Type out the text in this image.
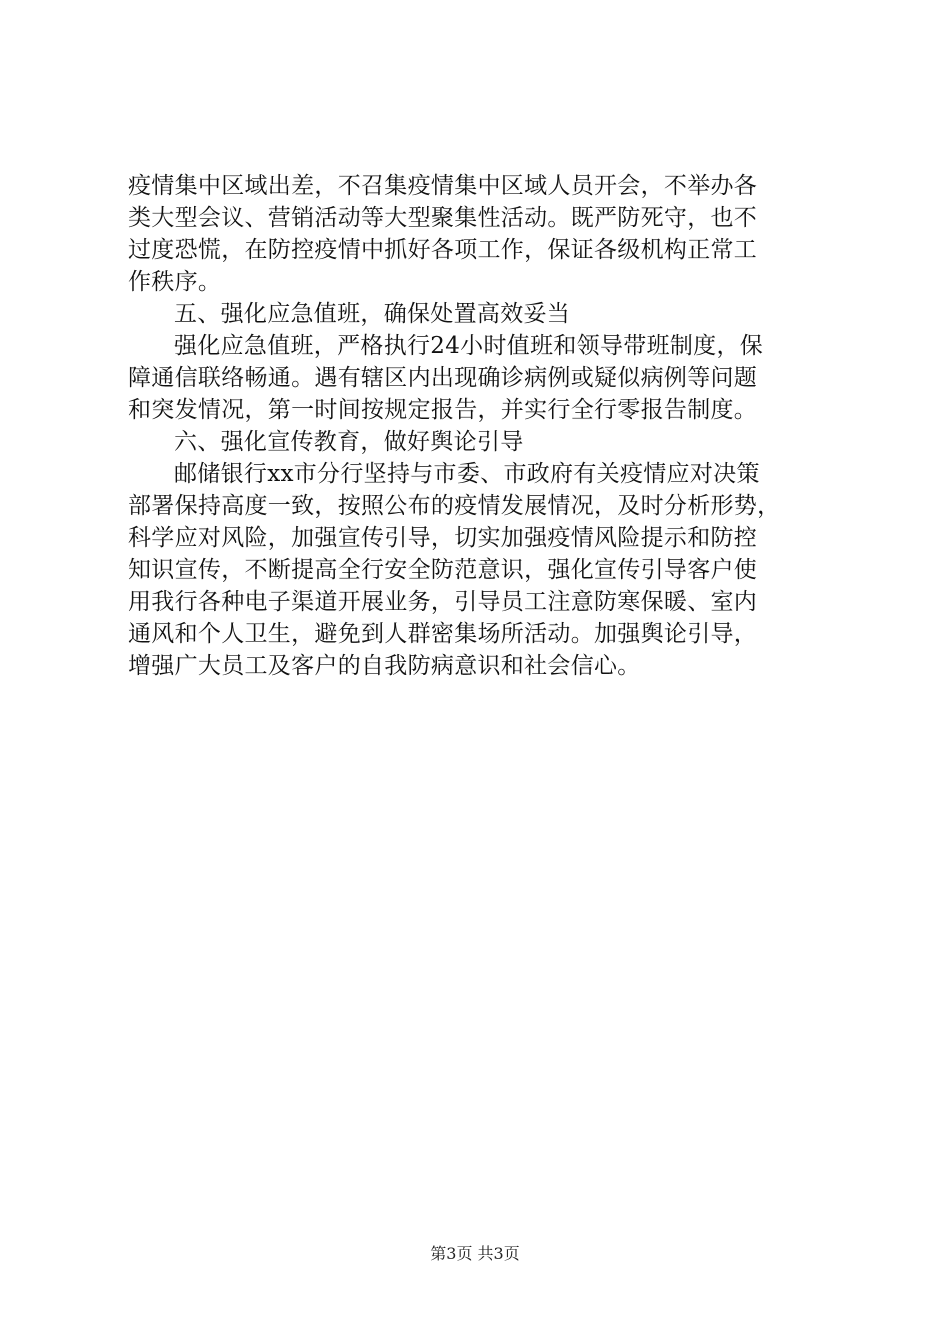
疫情集中区域出差，不召集疫情集中区域人员开会，不举办各
类大型会议、营销活动等大型聚集性活动。既严防死守，也不
过度恐慌，在防控疫情中抓好各项工作，保证各级机构正常工
作秩序。
五、强化应急值班，确保处置高效妥当
强化应急值班，严格执行24小时值班和领导带班制度，保
障通信联络畅通。遇有辖区内出现确诊病例或疑似病例等问题
和突发情况，第一时间按规定报告，并实行全行零报告制度。
六、强化宣传教育，做好舆论引导
邮储银行xx市分行坚持与市委、市政府有关疫情应对决策
部署保持高度一致，按照公布的疫情发展情况，及时分析形势，
科学应对风险，加强宣传引导，切实加强疫情风险提示和防控
知识宣传，不断提高全行安全防范意识，强化宣传引导客户使
用我行各种电子渠道开展业务，引导员工注意防寒保暖、室内
通风和个人卫生，避免到人群密集场所活动。加强舆论引导，
增强广大员工及客户的自我防病意识和社会信心。
第3页 共3页
